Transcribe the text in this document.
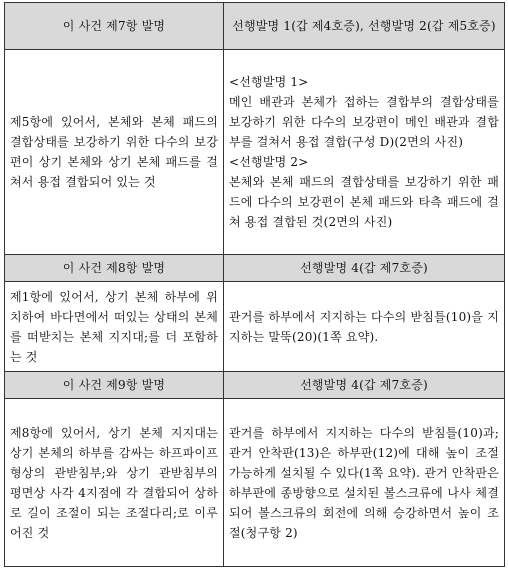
이 사건 제7항 발명	선행발명 1(갑 제4호증), 선행발명 2(갑 제5호증)
제5항에 있어서, 본체와 본체 패드의 결합상태를 보강하기 위한 다수의 보강편이 상기 본체와 상기 본체 패드를 걸쳐서 용접 결합되어 있는 것	<선행발명 1>
메인 배관과 본체가 접하는 결합부의 결합상태를 보강하기 위한 다수의 보강편이 메인 배관과 결합부를 걸쳐서 용접 결합(구성 D)(2면의 사진)
<선행발명 2>
본체와 본체 패드의 결합상태를 보강하기 위한 패드에 다수의 보강편이 본체 패드와 타측 패드에 걸쳐 용접 결합된 것(2면의 사진)

이 사건 제8항 발명	선행발명 4(갑 제7호증)
제1항에 있어서, 상기 본체 하부에 위치하여 바다면에서 떠있는 상태의 본체를 떠받치는 본체 지지대;를 더 포함하는 것	관거를 하부에서 지지하는 다수의 받침틀(10)을 지지하는 말뚝(20)(1쪽 요약).
이 사건 제9항 발명	선행발명 4(갑 제7호증)
제8항에 있어서, 상기 본체 지지대는 상기 본체의 하부를 감싸는 하프파이프 형상의 관받침부;와 상기 관받침부의 평면상 사각 4지점에 각 결합되어 상하로 길이 조절이 되는 조절다리;로 이루어진 것	관거를 하부에서 지지하는 다수의 받침틀(10)과; 관거 안착판(13)은 하부판(12)에 대해 높이 조절 가능하게 설치될 수 있다(1쪽 요약). 관거 안착판은 하부판에 종방향으로 설치된 볼스크류에 나사 체결되어 볼스크류의 회전에 의해 승강하면서 높이 조절(청구항 2)
